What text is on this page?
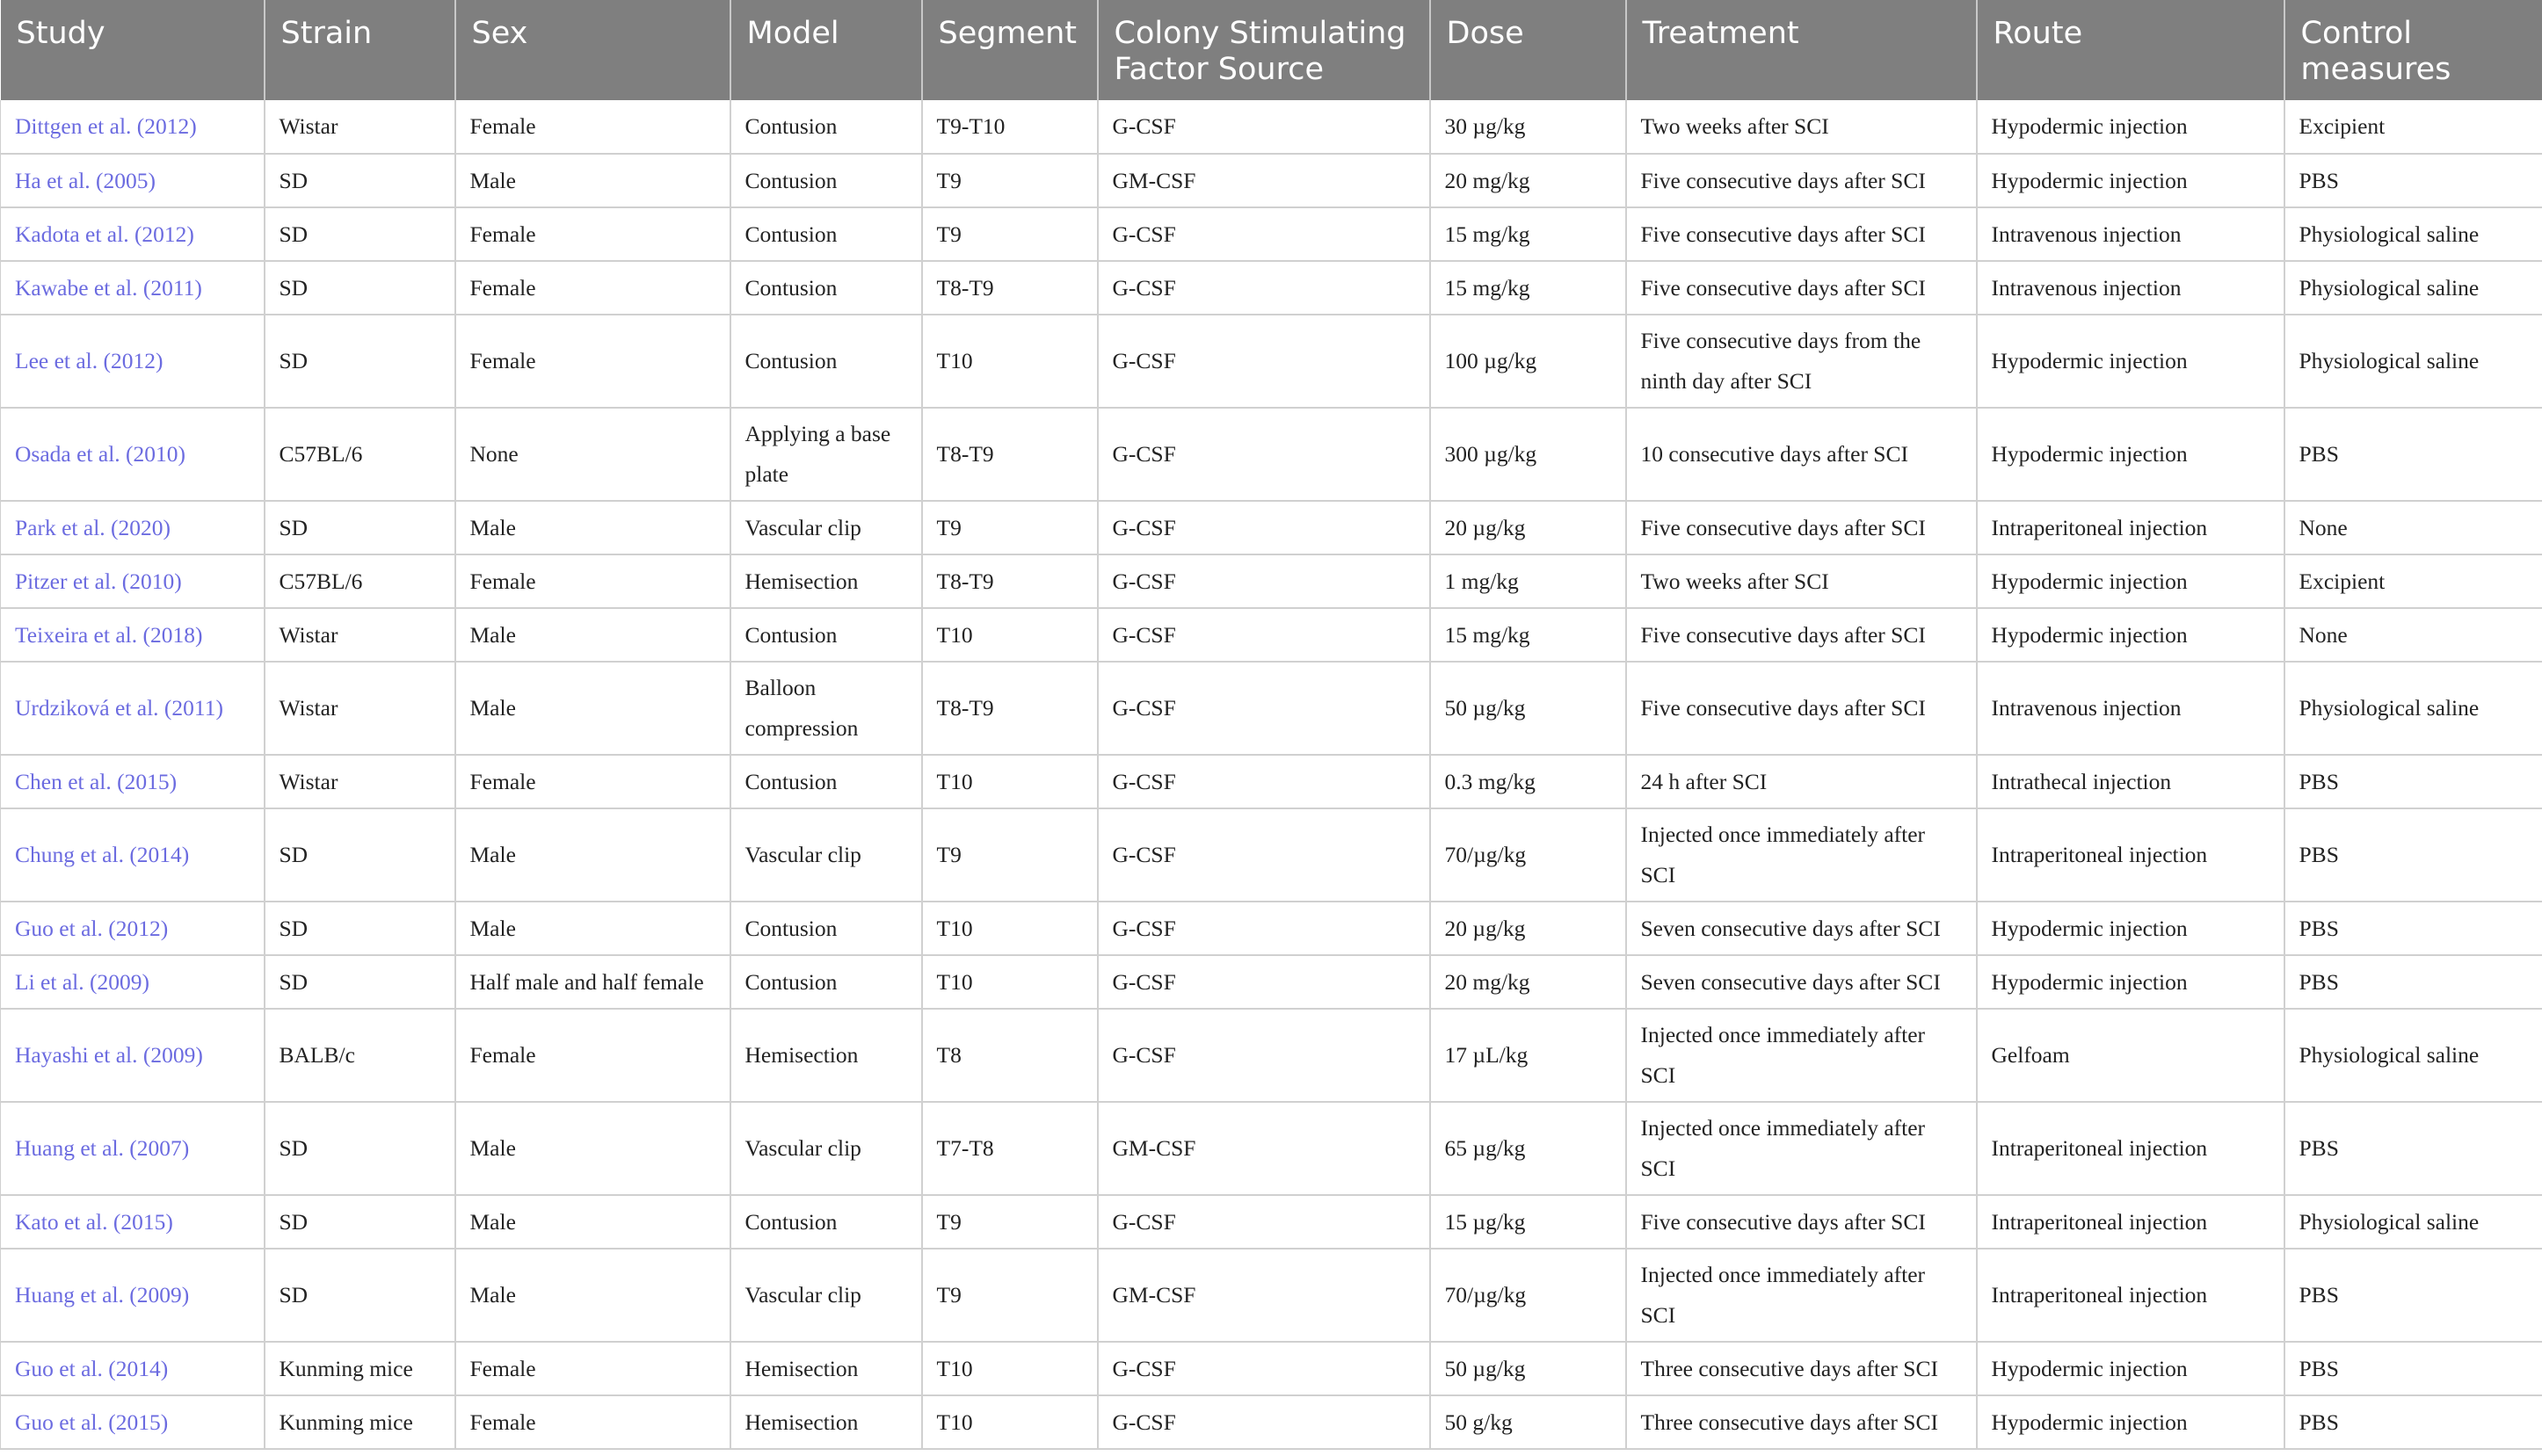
Study	Strain	Sex	Model	Segment	Colony Stimulating Factor Source	Dose	Treatment	Route	Control measures
Dittgen et al. (2012)	Wistar	Female	Contusion	T9-T10	G-CSF	30 µg/kg	Two weeks after SCI	Hypodermic injection	Excipient
Ha et al. (2005)	SD	Male	Contusion	T9	GM-CSF	20 mg/kg	Five consecutive days after SCI	Hypodermic injection	PBS
Kadota et al. (2012)	SD	Female	Contusion	T9	G-CSF	15 mg/kg	Five consecutive days after SCI	Intravenous injection	Physiological saline
Kawabe et al. (2011)	SD	Female	Contusion	T8-T9	G-CSF	15 mg/kg	Five consecutive days after SCI	Intravenous injection	Physiological saline
Lee et al. (2012)	SD	Female	Contusion	T10	G-CSF	100 µg/kg	Five consecutive days from the ninth day after SCI	Hypodermic injection	Physiological saline
Osada et al. (2010)	C57BL/6	None	Applying a base plate	T8-T9	G-CSF	300 µg/kg	10 consecutive days after SCI	Hypodermic injection	PBS
Park et al. (2020)	SD	Male	Vascular clip	T9	G-CSF	20 µg/kg	Five consecutive days after SCI	Intraperitoneal injection	None
Pitzer et al. (2010)	C57BL/6	Female	Hemisection	T8-T9	G-CSF	1 mg/kg	Two weeks after SCI	Hypodermic injection	Excipient
Teixeira et al. (2018)	Wistar	Male	Contusion	T10	G-CSF	15 mg/kg	Five consecutive days after SCI	Hypodermic injection	None
Urdziková et al. (2011)	Wistar	Male	Balloon compression	T8-T9	G-CSF	50 µg/kg	Five consecutive days after SCI	Intravenous injection	Physiological saline
Chen et al. (2015)	Wistar	Female	Contusion	T10	G-CSF	0.3 mg/kg	24 h after SCI	Intrathecal injection	PBS
Chung et al. (2014)	SD	Male	Vascular clip	T9	G-CSF	70/µg/kg	Injected once immediately after SCI	Intraperitoneal injection	PBS
Guo et al. (2012)	SD	Male	Contusion	T10	G-CSF	20 µg/kg	Seven consecutive days after SCI	Hypodermic injection	PBS
Li et al. (2009)	SD	Half male and half female	Contusion	T10	G-CSF	20 mg/kg	Seven consecutive days after SCI	Hypodermic injection	PBS
Hayashi et al. (2009)	BALB/c	Female	Hemisection	T8	G-CSF	17 µL/kg	Injected once immediately after SCI	Gelfoam	Physiological saline
Huang et al. (2007)	SD	Male	Vascular clip	T7-T8	GM-CSF	65 µg/kg	Injected once immediately after SCI	Intraperitoneal injection	PBS
Kato et al. (2015)	SD	Male	Contusion	T9	G-CSF	15 µg/kg	Five consecutive days after SCI	Intraperitoneal injection	Physiological saline
Huang et al. (2009)	SD	Male	Vascular clip	T9	GM-CSF	70/µg/kg	Injected once immediately after SCI	Intraperitoneal injection	PBS
Guo et al. (2014)	Kunming mice	Female	Hemisection	T10	G-CSF	50 µg/kg	Three consecutive days after SCI	Hypodermic injection	PBS
Guo et al. (2015)	Kunming mice	Female	Hemisection	T10	G-CSF	50 g/kg	Three consecutive days after SCI	Hypodermic injection	PBS
